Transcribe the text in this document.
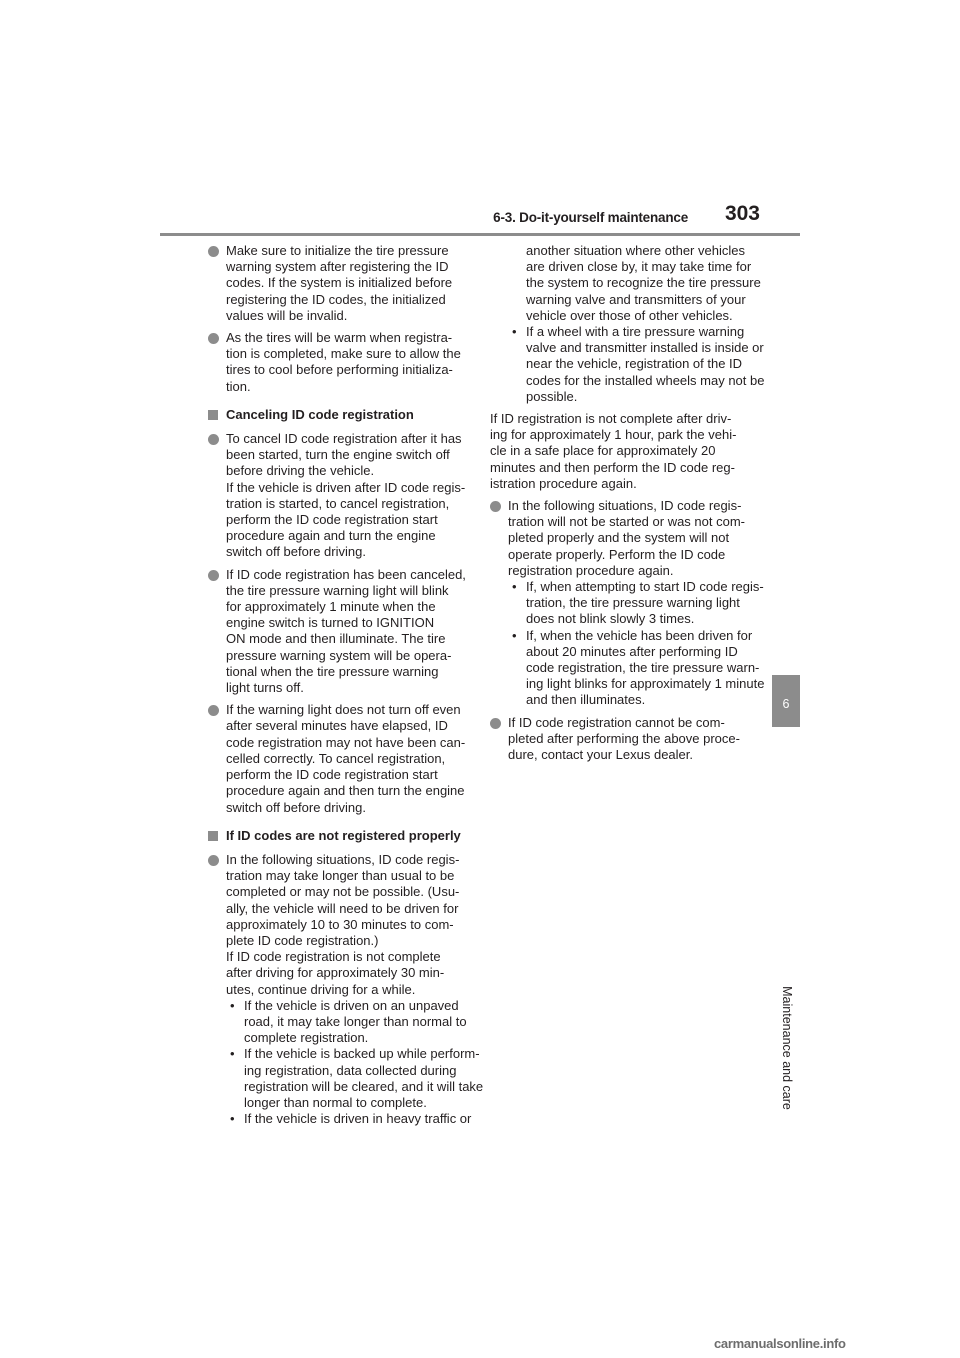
6-3. Do-it-yourself maintenance 303
6
Maintenance and care
Make sure to initialize the tire pressure
warning system after registering the ID
codes. If the system is initialized before
registering the ID codes, the initialized
values will be invalid.
As the tires will be warm when registra-
tion is completed, make sure to allow the
tires to cool before performing initializa-
tion.
Canceling ID code registration
To cancel ID code registration after it has
been started, turn the engine switch off
before driving the vehicle.
If the vehicle is driven after ID code regis-
tration is started, to cancel registration,
perform the ID code registration start
procedure again and turn the engine
switch off before driving.
If ID code registration has been canceled,
the tire pressure warning light will blink
for approximately 1 minute when the
engine switch is turned to IGNITION
ON mode and then illuminate. The tire
pressure warning system will be opera-
tional when the tire pressure warning
light turns off.
If the warning light does not turn off even
after several minutes have elapsed, ID
code registration may not have been can-
celled correctly. To cancel registration,
perform the ID code registration start
procedure again and then turn the engine
switch off before driving.
If ID codes are not registered properly
In the following situations, ID code regis-
tration may take longer than usual to be
completed or may not be possible. (Usu-
ally, the vehicle will need to be driven for
approximately 10 to 30 minutes to com-
plete ID code registration.)
If ID code registration is not complete
after driving for approximately 30 min-
utes, continue driving for a while.
• If the vehicle is driven on an unpaved
road, it may take longer than normal to
complete registration.
• If the vehicle is backed up while perform-
ing registration, data collected during
registration will be cleared, and it will take
longer than normal to complete.
• If the vehicle is driven in heavy traffic or
another situation where other vehicles
are driven close by, it may take time for
the system to recognize the tire pressure
warning valve and transmitters of your
vehicle over those of other vehicles.
• If a wheel with a tire pressure warning
valve and transmitter installed is inside or
near the vehicle, registration of the ID
codes for the installed wheels may not be
possible.
If ID registration is not complete after driv-
ing for approximately 1 hour, park the vehi-
cle in a safe place for approximately 20
minutes and then perform the ID code reg-
istration procedure again.
In the following situations, ID code regis-
tration will not be started or was not com-
pleted properly and the system will not
operate properly. Perform the ID code
registration procedure again.
• If, when attempting to start ID code regis-
tration, the tire pressure warning light
does not blink slowly 3 times.
• If, when the vehicle has been driven for
about 20 minutes after performing ID
code registration, the tire pressure warn-
ing light blinks for approximately 1 minute
and then illuminates.
If ID code registration cannot be com-
pleted after performing the above proce-
dure, contact your Lexus dealer.
carmanualsonline.info
